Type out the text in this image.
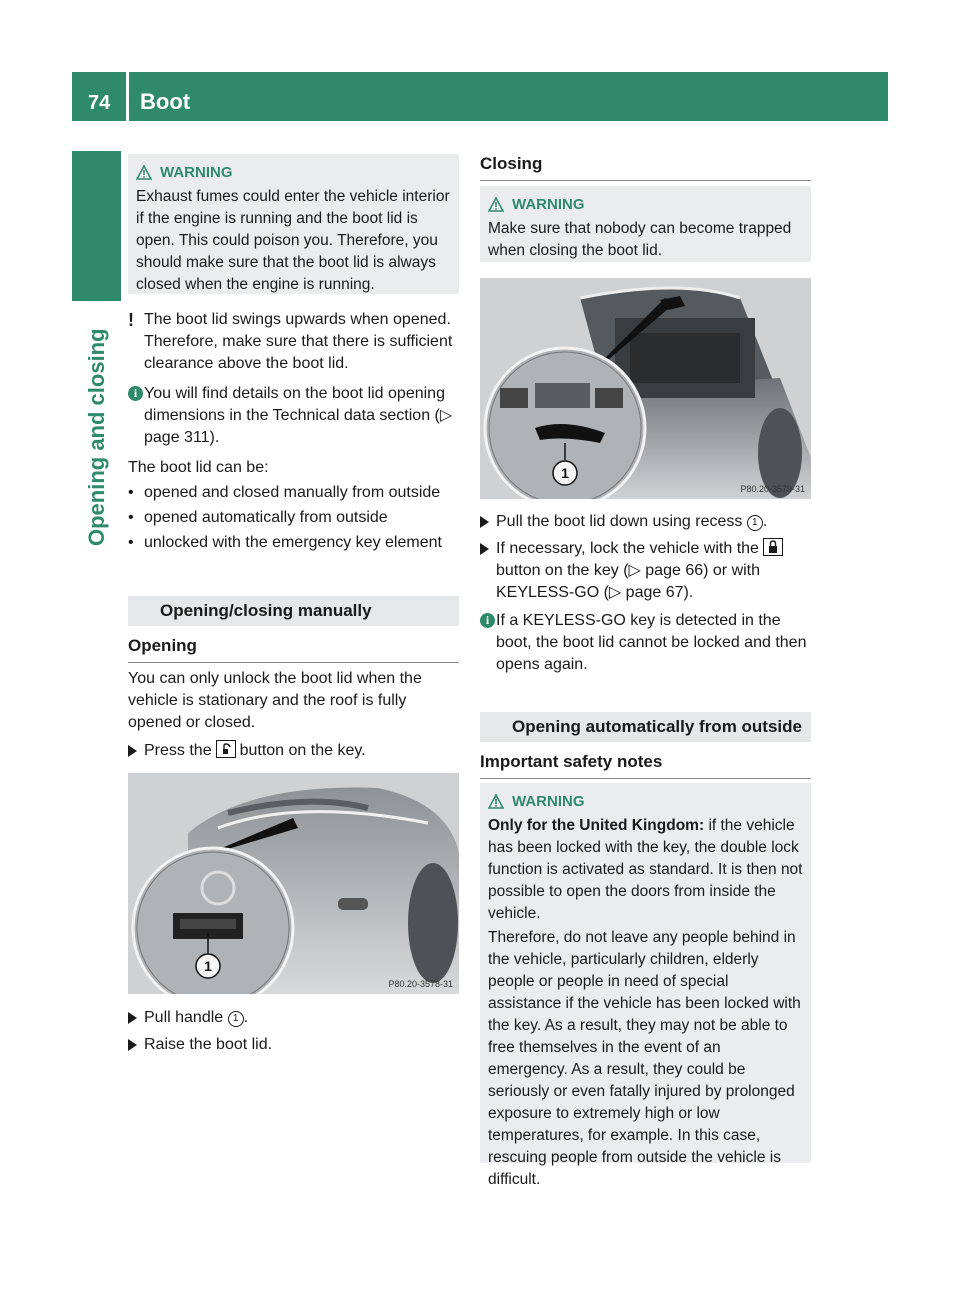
74 Boot
Opening and closing
WARNING

Exhaust fumes could enter the vehicle interior if the engine is running and the boot lid is open. This could poison you. Therefore, you should make sure that the boot lid is always closed when the engine is running.

! The boot lid swings upwards when opened. Therefore, make sure that there is sufficient clearance above the boot lid.

i You will find details on the boot lid opening dimensions in the Technical data section (▷ page 311).

The boot lid can be:

• opened and closed manually from outside

• opened automatically from outside

• unlocked with the emergency key element

Opening/closing manually
Opening

You can only unlock the boot lid when the vehicle is stationary and the roof is fully opened or closed.

Press the button on the key.

1
P80.20-3578-31

Pull handle 1 .

Raise the boot lid.

Closing
WARNING

Make sure that nobody can become trapped when closing the boot lid.

1
P80.20-3579-31

Pull the boot lid down using recess 1 .

If necessary, lock the vehicle with thebutton on the key (▷ page 66) or with KEYLESS-GO (▷ page 67).

i If a KEYLESS-GO key is detected in the boot, the boot lid cannot be locked and then opens again.

Opening automatically from outside
Important safety notes
WARNING

Only for the United Kingdom: if the vehicle has been locked with the key, the double lock function is activated as standard. It is then not possible to open the doors from inside the vehicle.

Therefore, do not leave any people behind in the vehicle, particularly children, elderly people or people in need of special assistance if the vehicle has been locked with the key. As a result, they may not be able to free themselves in the event of an emergency. As a result, they could be seriously or even fatally injured by prolonged exposure to extremely high or low temperatures, for example. In this case, rescuing people from outside the vehicle is difficult.
